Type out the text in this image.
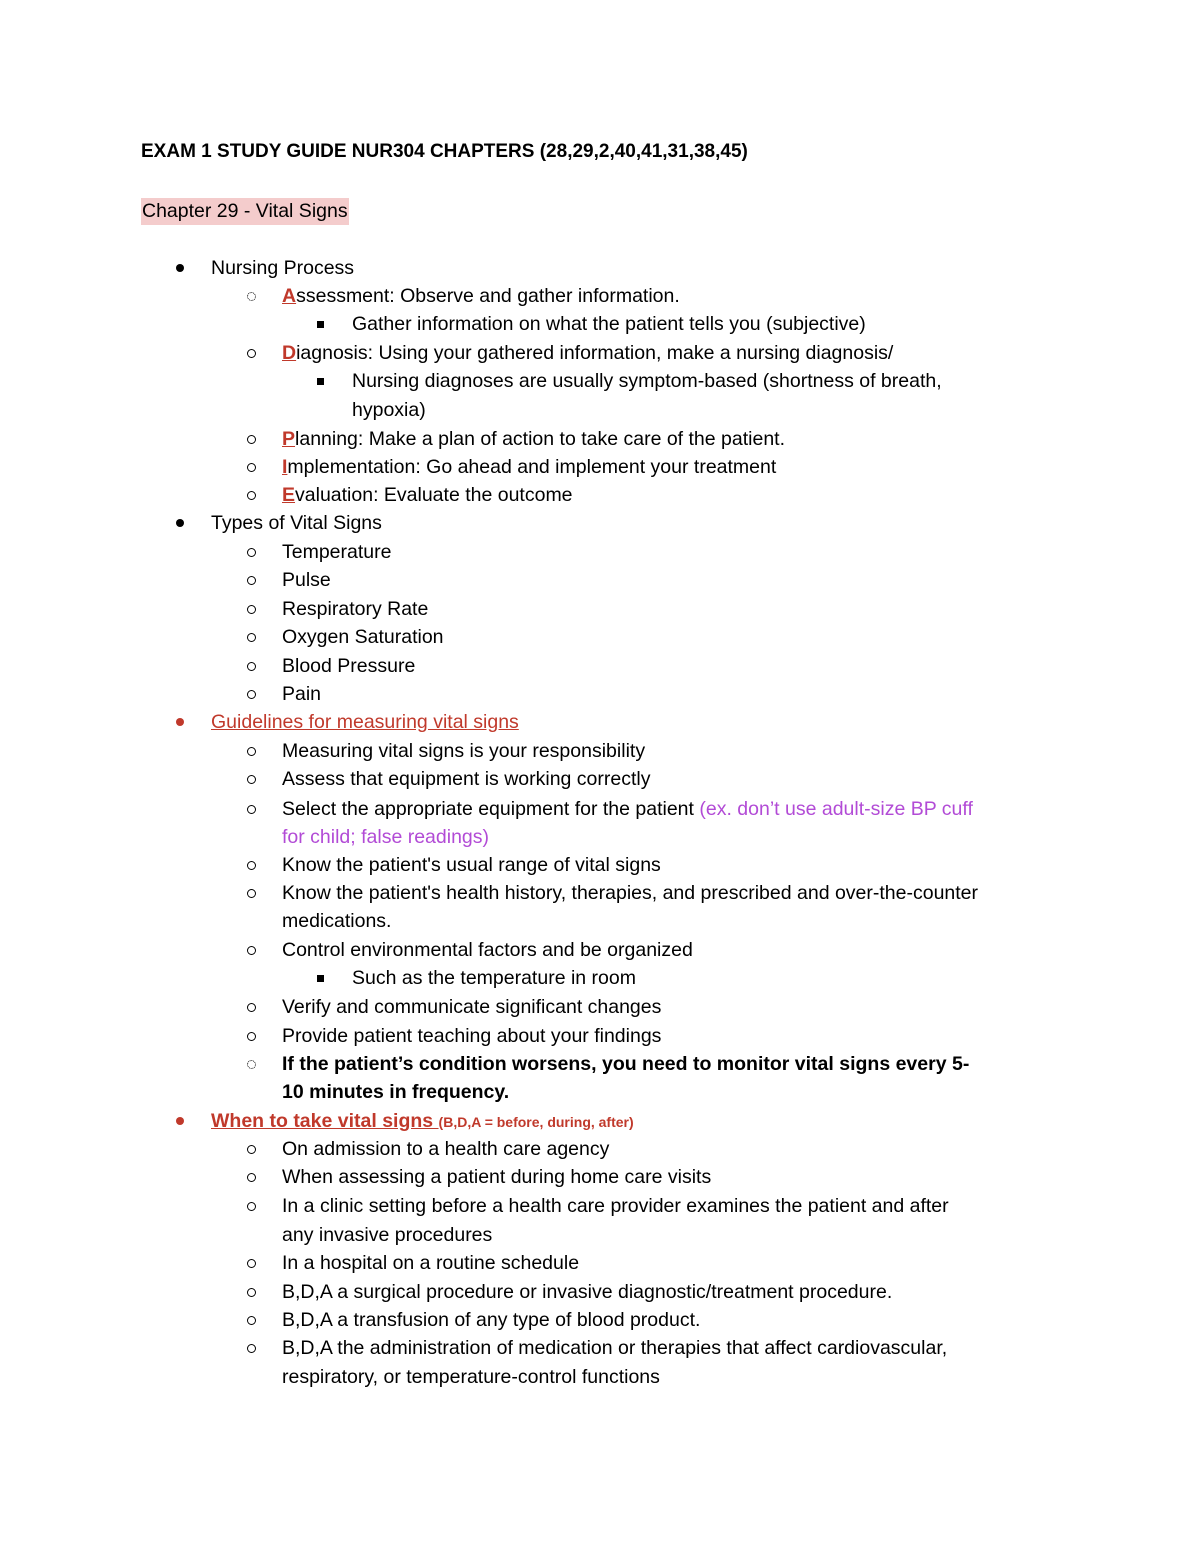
EXAM 1 STUDY GUIDE NUR304 CHAPTERS (28,29,2,40,41,31,38,45)
Chapter 29 - Vital Signs
Nursing Process
Assessment: Observe and gather information.
Gather information on what the patient tells you (subjective)
Diagnosis: Using your gathered information, make a nursing diagnosis/
Nursing diagnoses are usually symptom-based (shortness of breath,
hypoxia)
Planning: Make a plan of action to take care of the patient.
Implementation: Go ahead and implement your treatment
Evaluation: Evaluate the outcome
Types of Vital Signs
Temperature
Pulse
Respiratory Rate
Oxygen Saturation
Blood Pressure
Pain
Guidelines for measuring vital signs
Measuring vital signs is your responsibility
Assess that equipment is working correctly
Select the appropriate equipment for the patient (ex. don’t use adult-size BP cuff
for child; false readings)
Know the patient's usual range of vital signs
Know the patient's health history, therapies, and prescribed and over-the-counter
medications.
Control environmental factors and be organized
Such as the temperature in room
Verify and communicate significant changes
Provide patient teaching about your findings
If the patient’s condition worsens, you need to monitor vital signs every 5-
10 minutes in frequency.
When to take vital signs (B,D,A = before, during, after)
On admission to a health care agency
When assessing a patient during home care visits
In a clinic setting before a health care provider examines the patient and after
any invasive procedures
In a hospital on a routine schedule
B,D,A a surgical procedure or invasive diagnostic/treatment procedure.
B,D,A a transfusion of any type of blood product.
B,D,A the administration of medication or therapies that affect cardiovascular,
respiratory, or temperature-control functions
